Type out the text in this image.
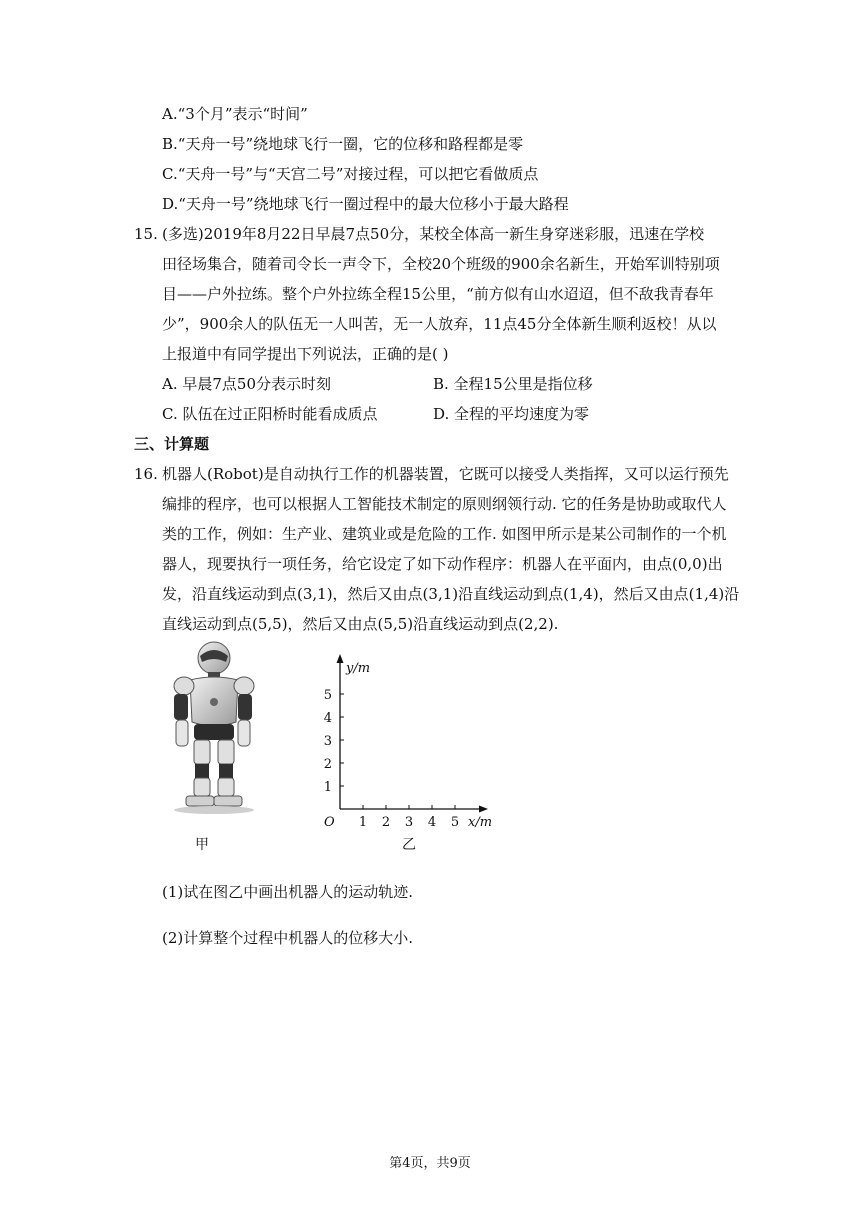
A.“3个月”表示“时间”
B.“天舟一号”绕地球飞行一圈，它的位移和路程都是零
C.“天舟一号”与“天宫二号”对接过程，可以把它看做质点
D.“天舟一号”绕地球飞行一圈过程中的最大位移小于最大路程
15. (多选)2019年8月22日早晨7点50分，某校全体高一新生身穿迷彩服，迅速在学校
田径场集合，随着司令长一声令下，全校20个班级的900余名新生，开始军训特别项
目——户外拉练。整个户外拉练全程15公里，“前方似有山水迢迢，但不敌我青春年
少”，900余人的队伍无一人叫苦，无一人放弃，11点45分全体新生顺利返校！从以
上报道中有同学提出下列说法，正确的是( )
A. 早晨7点50分表示时刻	B. 全程15公里是指位移
C. 队伍在过正阳桥时能看成质点	D. 全程的平均速度为零
三、计算题
16. 机器人(Robot)是自动执行工作的机器装置，它既可以接受人类指挥，又可以运行预先
编排的程序，也可以根据人工智能技术制定的原则纲领行动. 它的任务是协助或取代人
类的工作，例如：生产业、建筑业或是危险的工作. 如图甲所示是某公司制作的一个机
器人，现要执行一项任务，给它设定了如下动作程序：机器人在平面内，由点(0,0)出
发，沿直线运动到点(3,1)，然后又由点(3,1)沿直线运动到点(1,4)，然后又由点(1,4)沿
直线运动到点(5,5)，然后又由点(5,5)沿直线运动到点(2,2).
甲
y/m
x/m
O 1 2 3 4 5
1
2
3
4
5
乙
(1)试在图乙中画出机器人的运动轨迹.
(2)计算整个过程中机器人的位移大小.
第4页，共9页
